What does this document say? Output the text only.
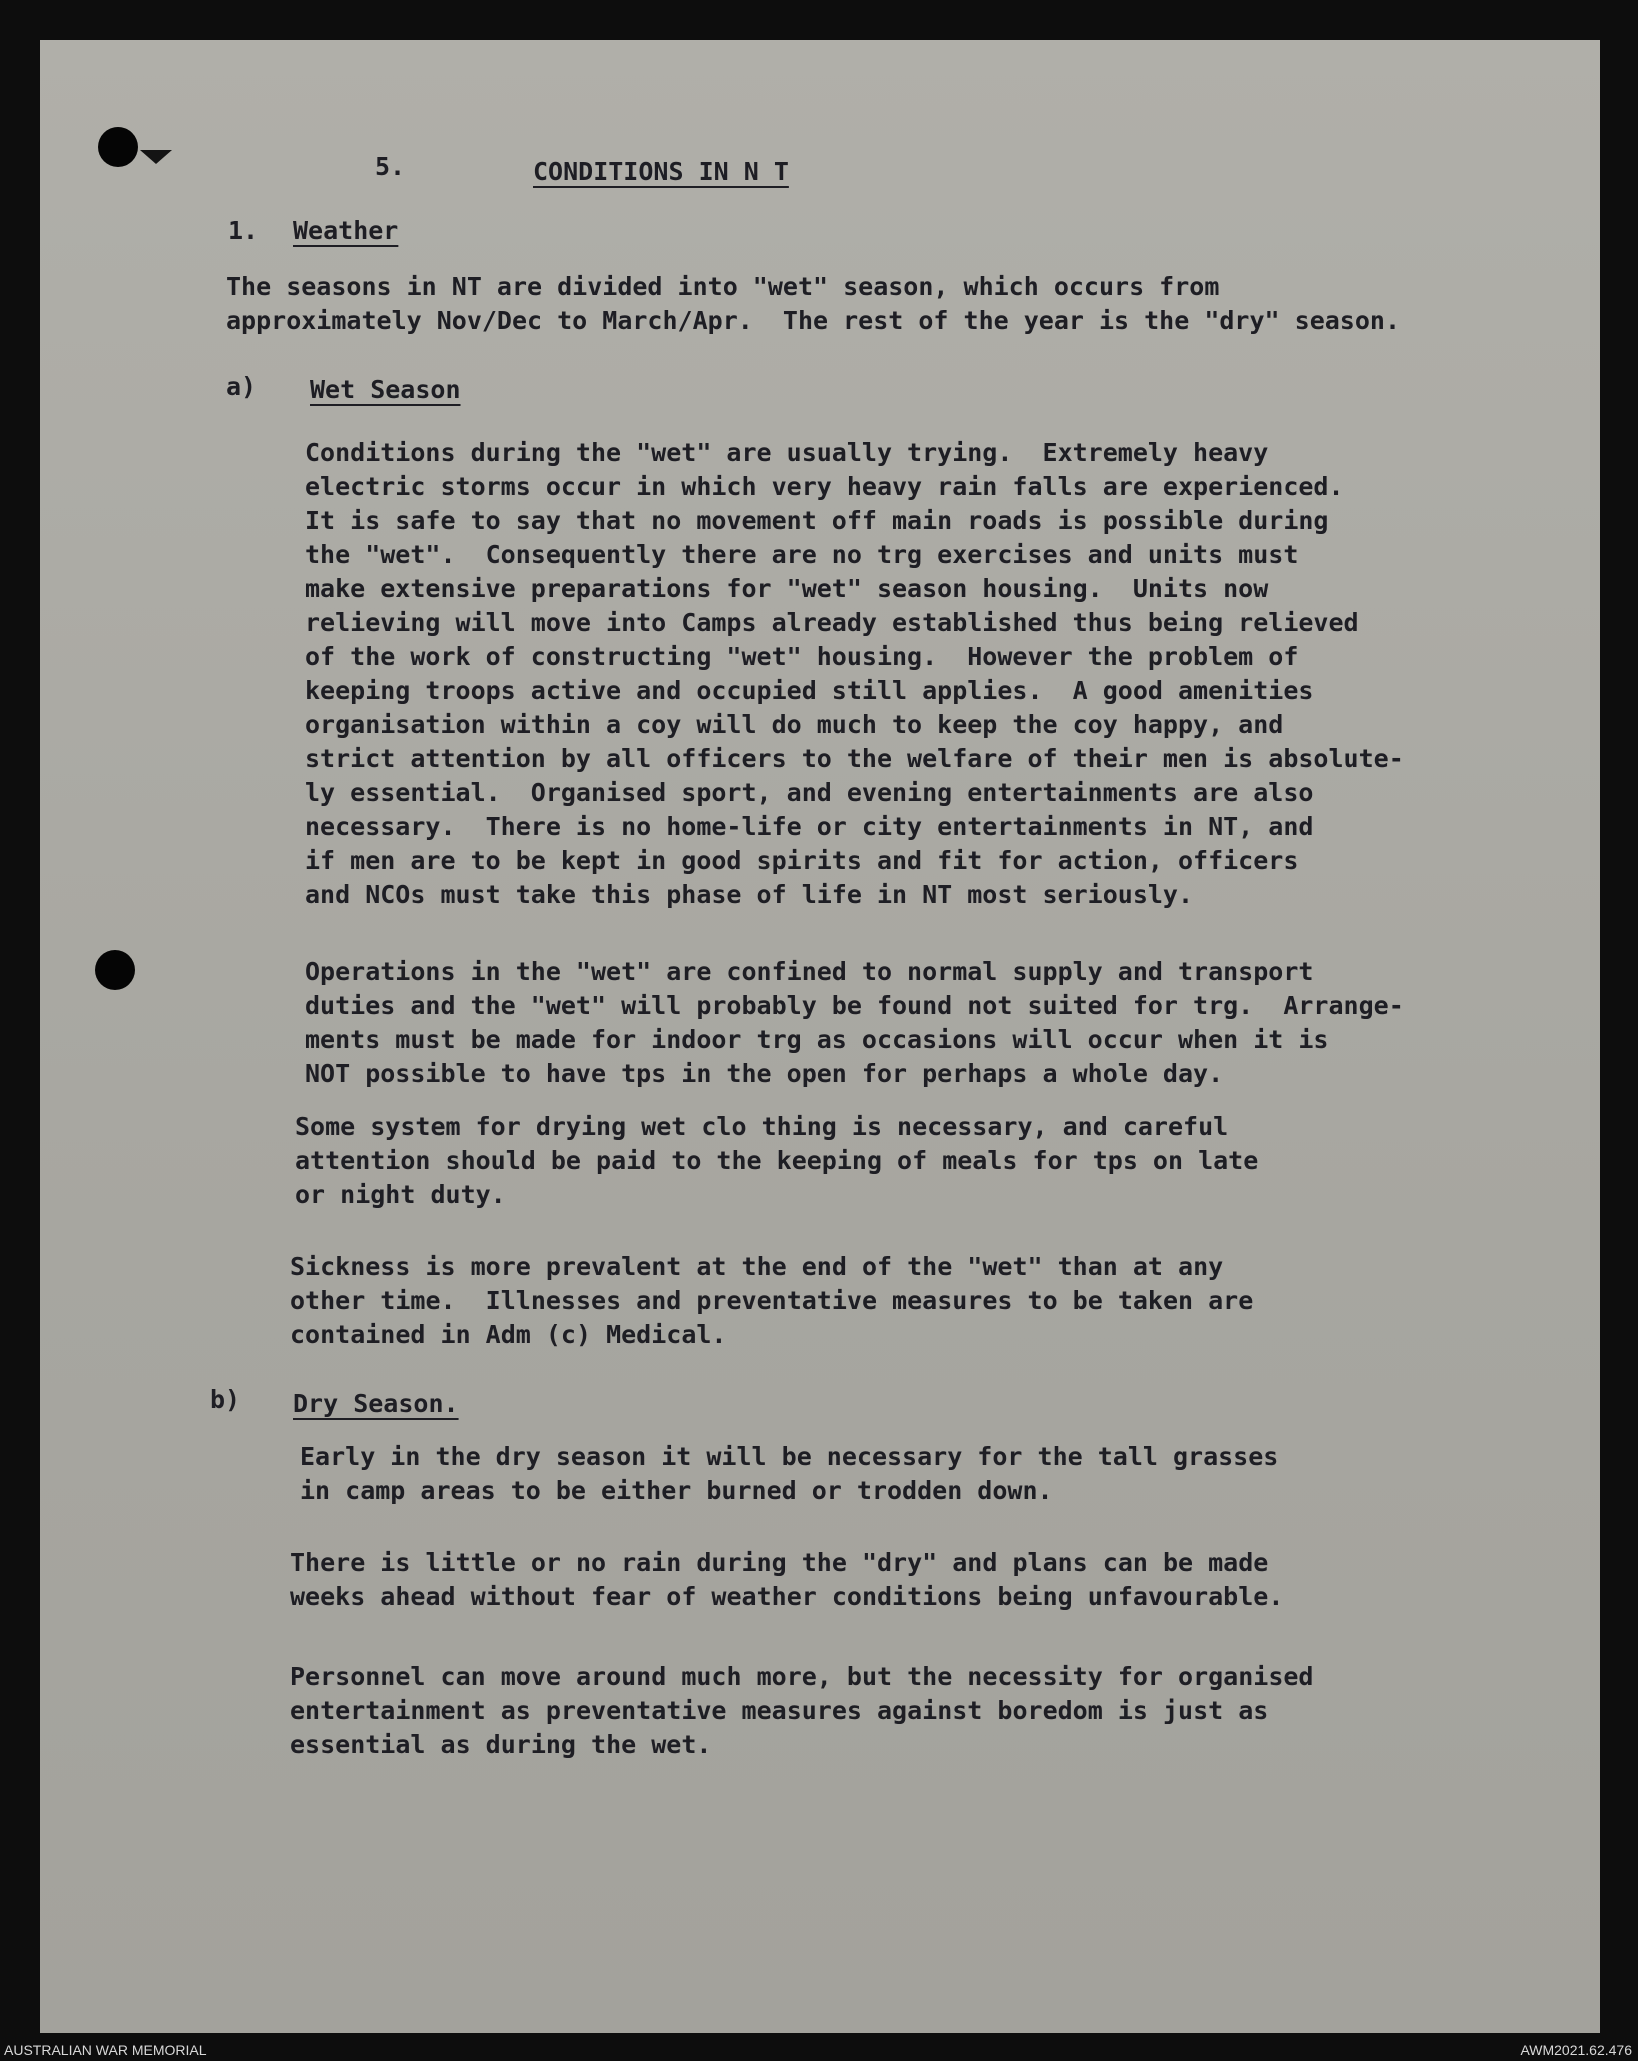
5.	CONDITIONS IN N T

1. Weather

The seasons in NT are divided into "wet" season, which occurs from
approximately Nov/Dec to March/Apr.  The rest of the year is the "dry" season.

a) Wet Season

Conditions during the "wet" are usually trying.  Extremely heavy
electric storms occur in which very heavy rain falls are experienced.
It is safe to say that no movement off main roads is possible during
the "wet".  Consequently there are no trg exercises and units must
make extensive preparations for "wet" season housing.  Units now
relieving will move into Camps already established thus being relieved
of the work of constructing "wet" housing.  However the problem of
keeping troops active and occupied still applies.  A good amenities
organisation within a coy will do much to keep the coy happy, and
strict attention by all officers to the welfare of their men is absolute-
ly essential.  Organised sport, and evening entertainments are also
necessary.  There is no home-life or city entertainments in NT, and
if men are to be kept in good spirits and fit for action, officers
and NCOs must take this phase of life in NT most seriously.

Operations in the "wet" are confined to normal supply and transport
duties and the "wet" will probably be found not suited for trg.  Arrange-
ments must be made for indoor trg as occasions will occur when it is
NOT possible to have tps in the open for perhaps a whole day.

Some system for drying wet clo thing is necessary, and careful
attention should be paid to the keeping of meals for tps on late
or night duty.

Sickness is more prevalent at the end of the "wet" than at any
other time.  Illnesses and preventative measures to be taken are
contained in Adm (c) Medical.

b) Dry Season.

Early in the dry season it will be necessary for the tall grasses
in camp areas to be either burned or trodden down.

There is little or no rain during the "dry" and plans can be made
weeks ahead without fear of weather conditions being unfavourable.

Personnel can move around much more, but the necessity for organised
entertainment as preventative measures against boredom is just as
essential as during the wet.

AUSTRALIAN WAR MEMORIAL	AWM2021.62.476
